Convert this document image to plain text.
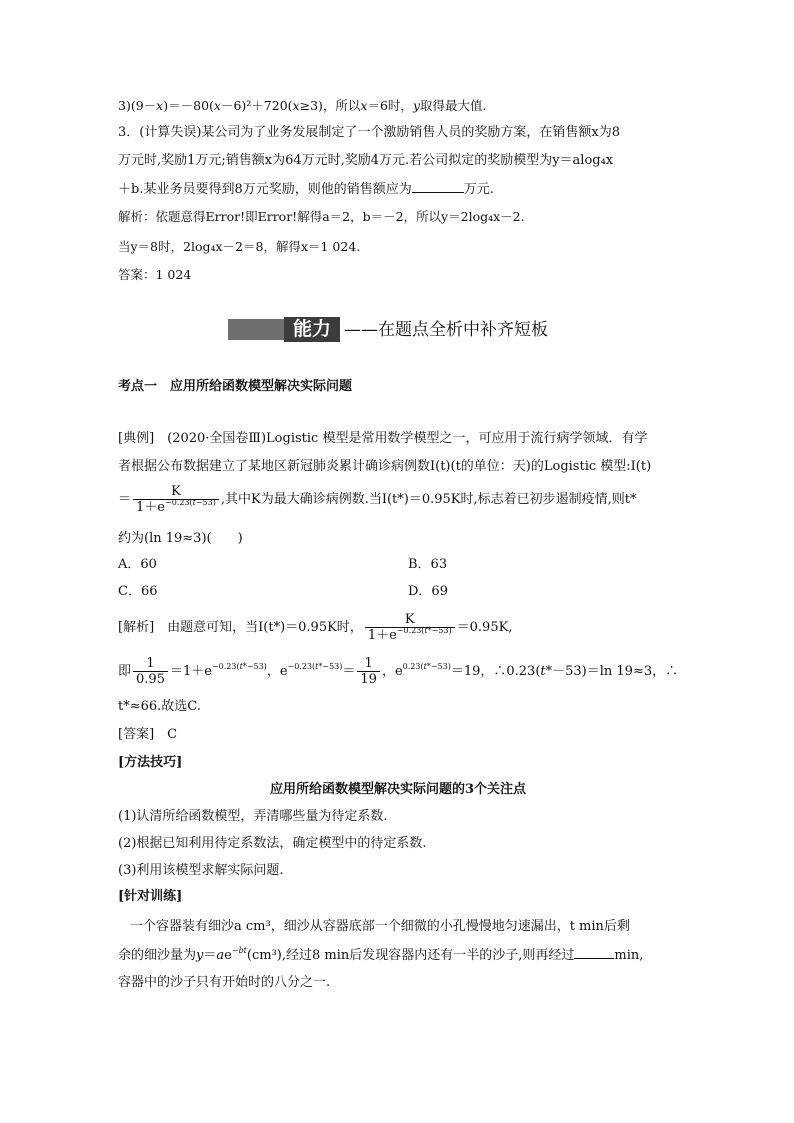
3)(9－x)＝－80(x－6)²＋720(x≥3)，所以x＝6时，y取得最大值.
3．(计算失误)某公司为了业务发展制定了一个激励销售人员的奖励方案，在销售额x为8
万元时,奖励1万元;销售额x为64万元时,奖励4万元.若公司拟定的奖励模型为y＝alog₄x
＋b.某业务员要得到8万元奖励，则他的销售额应为	万元.
解析：依题意得Error!即Error!解得a＝2，b＝－2，所以y＝2log₄x－2.
当y＝8时，2log₄x－2＝8，解得x＝1 024.
答案：1 024
能力 ——在题点全析中补齐短板
考点一　应用所给函数模型解决实际问题
[典例]　(2020·全国卷Ⅲ)Logistic 模型是常用数学模型之一，可应用于流行病学领域．有学
者根据公布数据建立了某地区新冠肺炎累计确诊病例数I(t)(t的单位：天)的Logistic 模型:I(t)
＝ $\frac{K}{1+e^{-0.23(t-53)}}$ ,其中K为最大确诊病例数.当I(t*)＝0.95K时,标志着已初步遏制疫情,则t*
约为(ln 19≈3)(　　)
A．60	B．63
C．66	D．69
[解析]　由题意可知，当I(t*)＝0.95K时， $\frac{K}{1+e^{-0.23(t*-53)}} =0.95K$,
即 $\frac{1}{0.95} =1+e^{-0.23(t*-53)}$，$e^{-0.23(t*-53)}= \frac{1}{19}$ ，$e^{0.23(t*-53)}=19$，∴0.23(t*－53)＝ln 19≈3，∴
t*≈66.故选C.
[答案]　C
[方法技巧]
应用所给函数模型解决实际问题的3个关注点
(1)认清所给函数模型，弄清哪些量为待定系数.
(2)根据已知利用待定系数法，确定模型中的待定系数.
(3)利用该模型求解实际问题.
[针对训练]
一个容器装有细沙a cm³，细沙从容器底部一个细微的小孔慢慢地匀速漏出，t min后剩
余的细沙量为$y=ae^{-bt}(cm^3)$,经过8 min后发现容器内还有一半的沙子,则再经过	min,
容器中的沙子只有开始时的八分之一.
